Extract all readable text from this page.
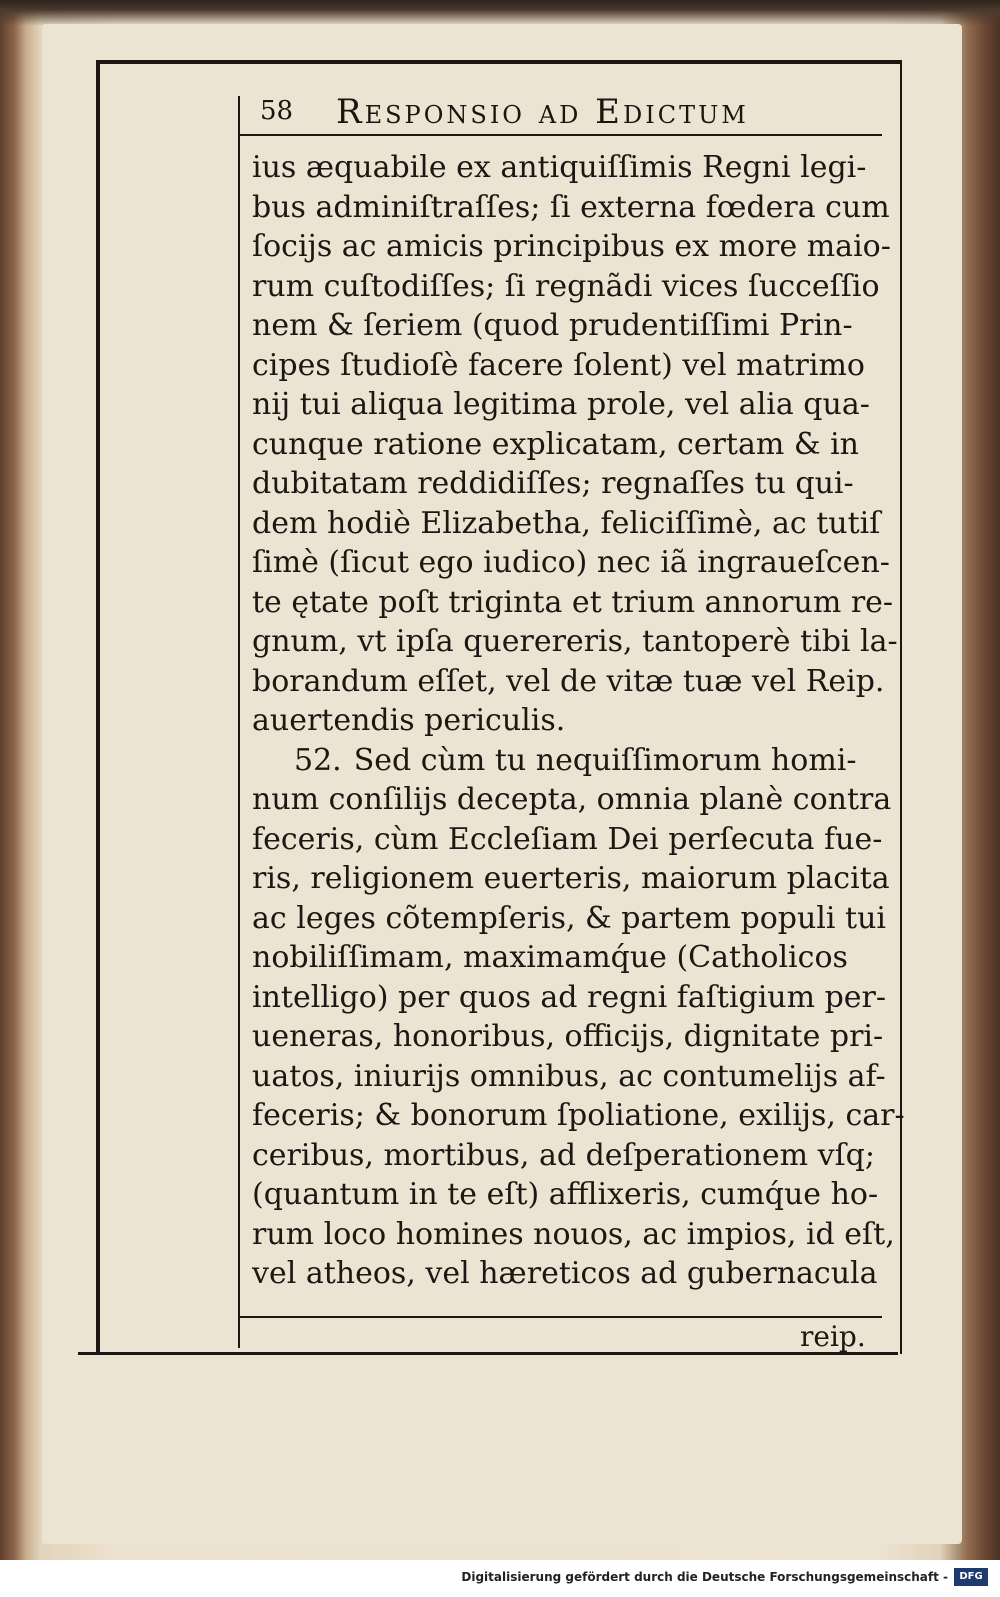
58 Responsio ad Edictum
ius æquabile ex antiquiſſimis Regni legi-
bus adminiſtraſſes; ſi externa fœdera cum
ſocijs ac amicis principibus ex more maio-
rum cuſtodiſſes; ſi regnãdi vices ſucceſſio
nem & ſeriem (quod prudentiſſimi Prin-
cipes ſtudioſè facere ſolent) vel matrimo
nij tui aliqua legitima prole, vel alia qua-
cunque ratione explicatam, certam & in
dubitatam reddidiſſes; regnaſſes tu qui-
dem hodiè Elizabetha, feliciſſimè, ac tutiſ
ſimè (ſicut ego iudico) nec iã ingraueſcen-
te ętate poſt triginta et trium annorum re-
gnum, vt ipſa querereris, tantoperè tibi la-
borandum eſſet, vel de vitæ tuæ vel Reip.
auertendis periculis.
52. Sed cùm tu nequiſſimorum homi-
num conſilijs decepta, omnia planè contra
feceris, cùm Eccleſiam Dei perſecuta fue-
ris, religionem euerteris, maiorum placita
ac leges cõtempſeris, & partem populi tui
nobiliſſimam, maximamq́ue (Catholicos
intelligo) per quos ad regni faſtigium per-
ueneras, honoribus, officijs, dignitate pri-
uatos, iniurijs omnibus, ac contumelijs af-
feceris; & bonorum ſpoliatione, exilijs, car-
ceribus, mortibus, ad deſperationem vſq;
(quantum in te eſt) afflixeris, cumq́ue ho-
rum loco homines nouos, ac impios, id eſt,
vel atheos, vel hæreticos ad gubernacula
reip.
Digitalisierung gefördert durch die Deutsche Forschungsgemeinschaft -	DFG
